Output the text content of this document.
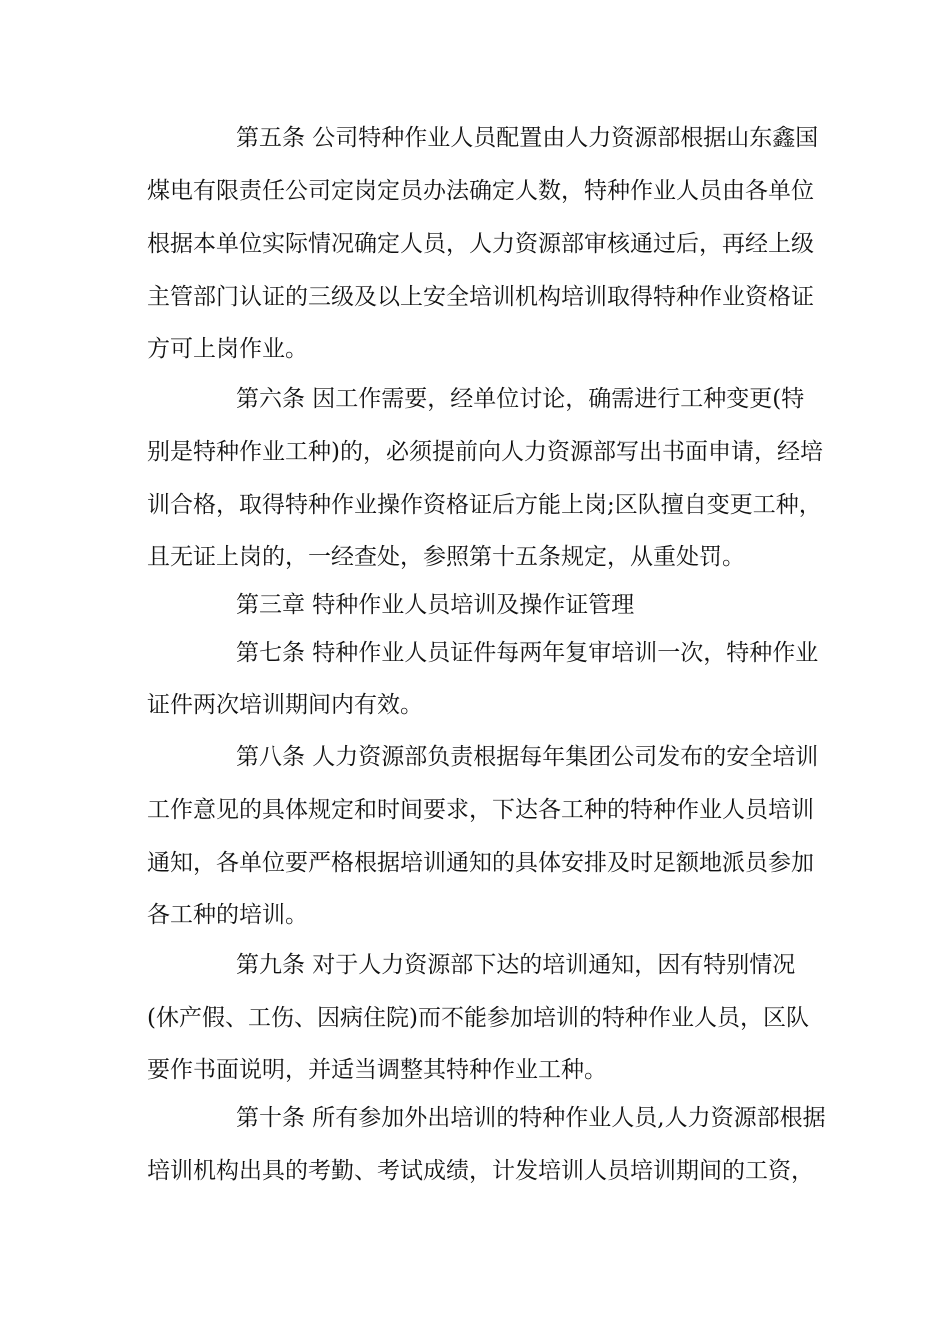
第五条 公司特种作业人员配置由人力资源部根据山东鑫国
煤电有限责任公司定岗定员办法确定人数，特种作业人员由各单位
根据本单位实际情况确定人员，人力资源部审核通过后，再经上级
主管部门认证的三级及以上安全培训机构培训取得特种作业资格证
方可上岗作业。
第六条 因工作需要，经单位讨论，确需进行工种变更(特
别是特种作业工种)的，必须提前向人力资源部写出书面申请，经培
训合格，取得特种作业操作资格证后方能上岗;区队擅自变更工种，
且无证上岗的，一经查处，参照第十五条规定，从重处罚。
第三章 特种作业人员培训及操作证管理
第七条 特种作业人员证件每两年复审培训一次，特种作业
证件两次培训期间内有效。
第八条 人力资源部负责根据每年集团公司发布的安全培训
工作意见的具体规定和时间要求，下达各工种的特种作业人员培训
通知，各单位要严格根据培训通知的具体安排及时足额地派员参加
各工种的培训。
第九条 对于人力资源部下达的培训通知，因有特别情况
(休产假、工伤、因病住院)而不能参加培训的特种作业人员，区队
要作书面说明，并适当调整其特种作业工种。
第十条 所有参加外出培训的特种作业人员,人力资源部根据
培训机构出具的考勤、考试成绩，计发培训人员培训期间的工资，
